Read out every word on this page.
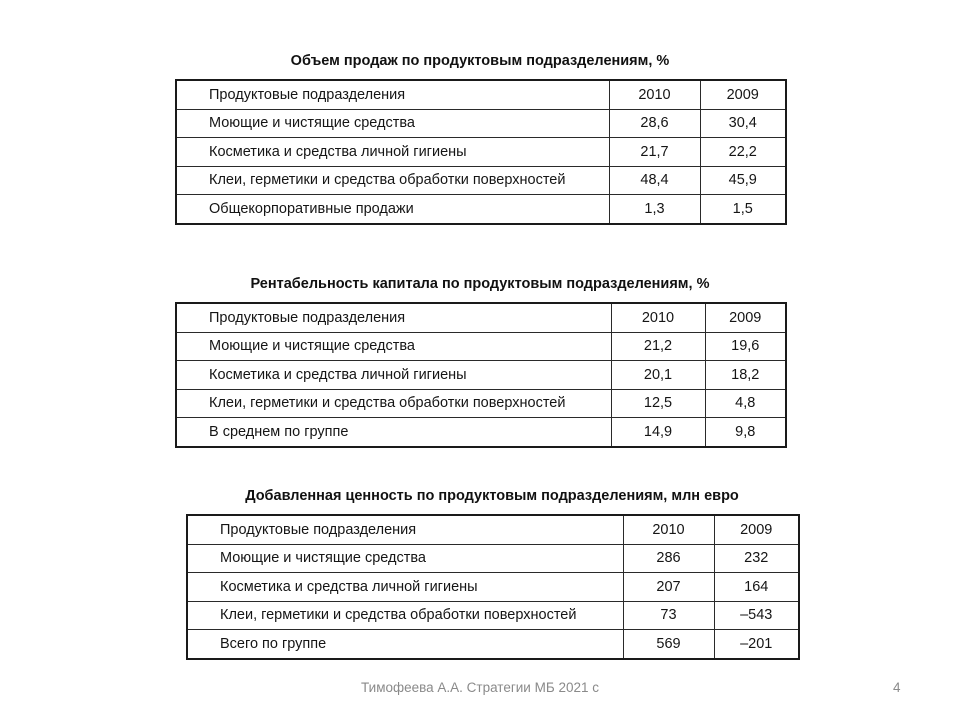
Объем продаж по продуктовым подразделениям, %
Продуктовые подразделения	2010	2009
Моющие и чистящие средства	28,6	30,4
Косметика и средства личной гигиены	21,7	22,2
Клеи, герметики и средства обработки поверхностей	48,4	45,9
Общекорпоративные продажи	1,3	1,5
Рентабельность капитала по продуктовым подразделениям, %
Продуктовые подразделения	2010	2009
Моющие и чистящие средства	21,2	19,6
Косметика и средства личной гигиены	20,1	18,2
Клеи, герметики и средства обработки поверхностей	12,5	4,8
В среднем по группе	14,9	9,8
Добавленная ценность по продуктовым подразделениям, млн евро
Продуктовые подразделения	2010	2009
Моющие и чистящие средства	286	232
Косметика и средства личной гигиены	207	164
Клеи, герметики и средства обработки поверхностей	73	–543
Всего по группе	569	–201
Тимофеева А.А. Стратегии МБ 2021 с	4
